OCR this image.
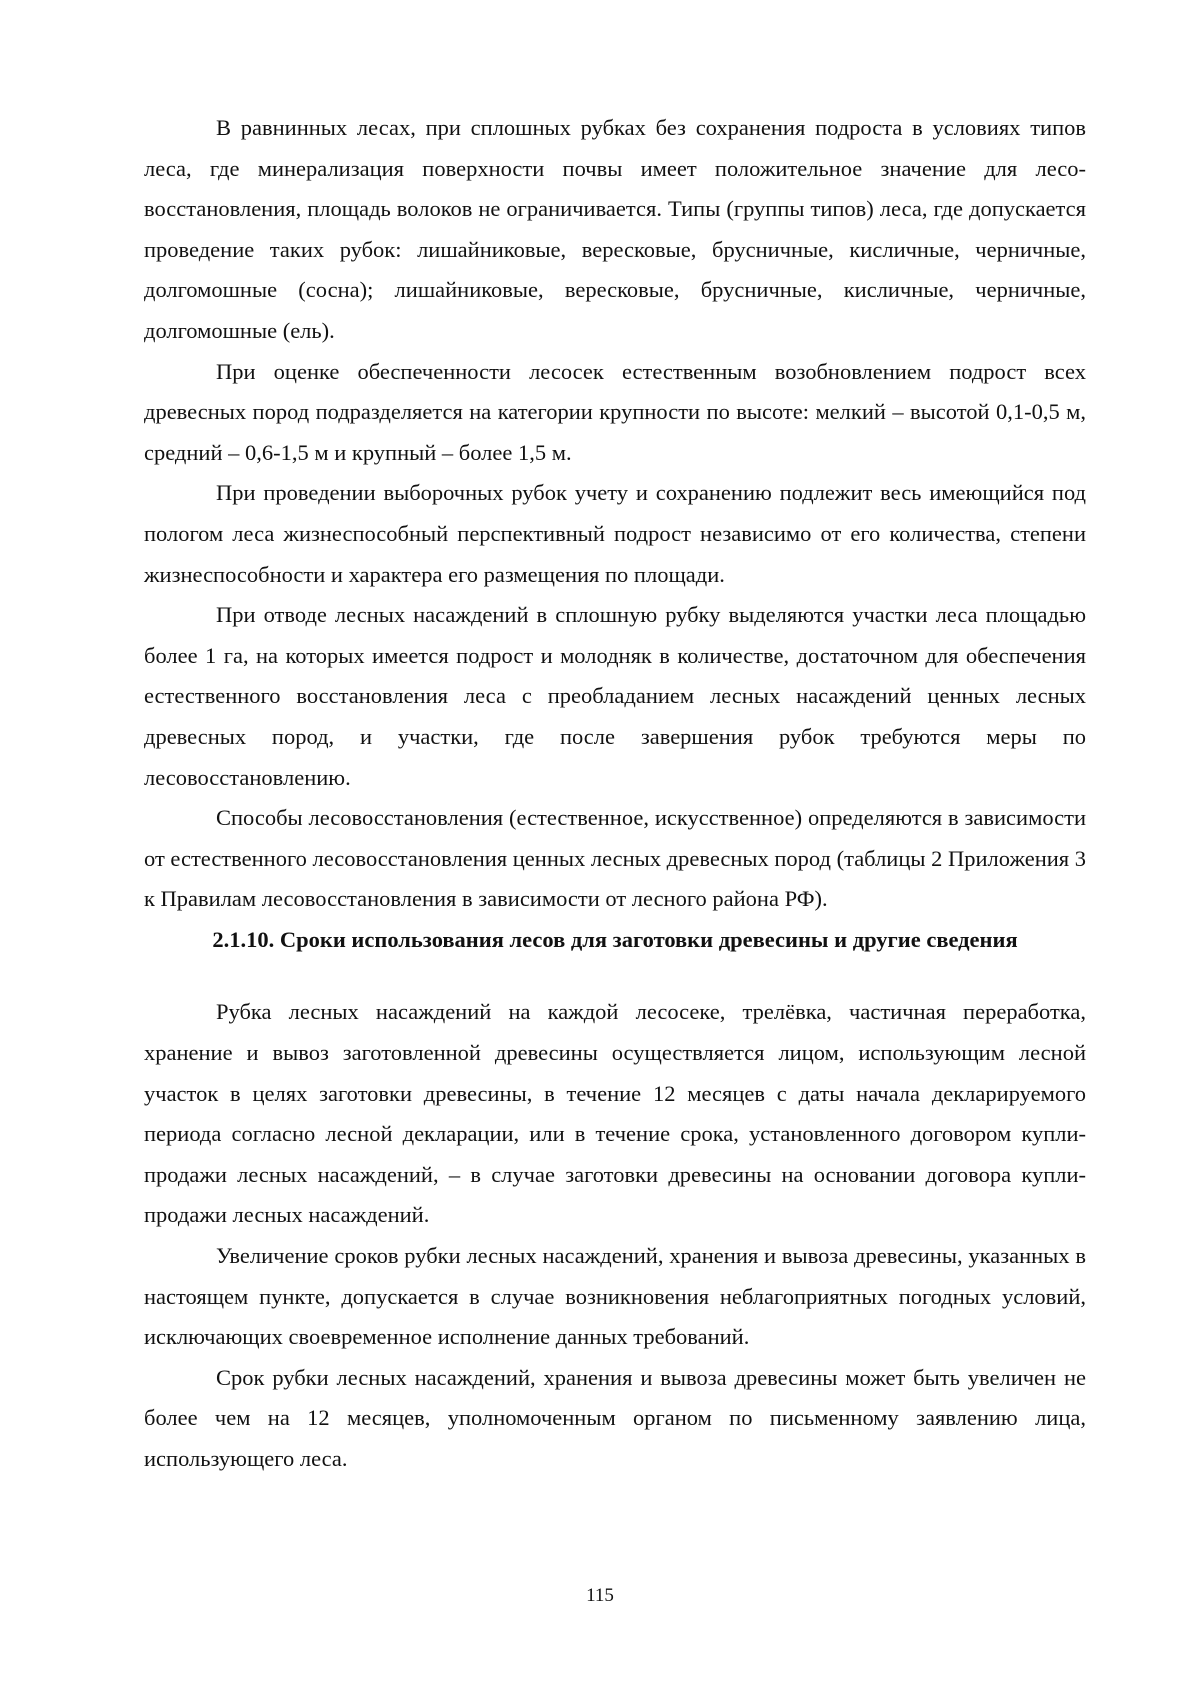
В равнинных лесах, при сплошных рубках без сохранения подроста в условиях типов леса, где минерализация поверхности почвы имеет положительное значение для лесовосстановления, площадь волоков не ограничивается. Типы (группы типов) леса, где допускается проведение таких рубок: лишайниковые, вересковые, брусничные, кисличные, черничные, долгомошные (сосна); лишайниковые, вересковые, брусничные, кисличные, черничные, долгомошные (ель).

При оценке обеспеченности лесосек естественным возобновлением подрост всех древесных пород подразделяется на категории крупности по высоте: мелкий – высотой 0,1-0,5 м, средний – 0,6-1,5 м и крупный – более 1,5 м.

При проведении выборочных рубок учету и сохранению подлежит весь имеющийся под пологом леса жизнеспособный перспективный подрост независимо от его количества, степени жизнеспособности и характера его размещения по площади.

При отводе лесных насаждений в сплошную рубку выделяются участки леса площадью более 1 га, на которых имеется подрост и молодняк в количестве, достаточном для обеспечения естественного восстановления леса с преобладанием лесных насаждений ценных лесных древесных пород, и участки, где после завершения рубок требуются меры по лесовосстановлению.

Способы лесовосстановления (естественное, искусственное) определяются в зависимости от естественного лесовосстановления ценных лесных древесных пород (таблицы 2 Приложения 3 к Правилам лесовосстановления в зависимости от лесного района РФ).

2.1.10. Сроки использования лесов для заготовки древесины и другие сведения

Рубка лесных насаждений на каждой лесосеке, трелёвка, частичная переработка, хранение и вывоз заготовленной древесины осуществляется лицом, использующим лесной участок в целях заготовки древесины, в течение 12 месяцев с даты начала декларируемого периода согласно лесной декларации, или в течение срока, установленного договором купли-продажи лесных насаждений, – в случае заготовки древесины на основании договора купли-продажи лесных насаждений.

Увеличение сроков рубки лесных насаждений, хранения и вывоза древесины, указанных в настоящем пункте, допускается в случае возникновения неблагоприятных погодных условий, исключающих своевременное исполнение данных требований.

Срок рубки лесных насаждений, хранения и вывоза древесины может быть увеличен не более чем на 12 месяцев, уполномоченным органом по письменному заявлению лица, использующего леса.

115
